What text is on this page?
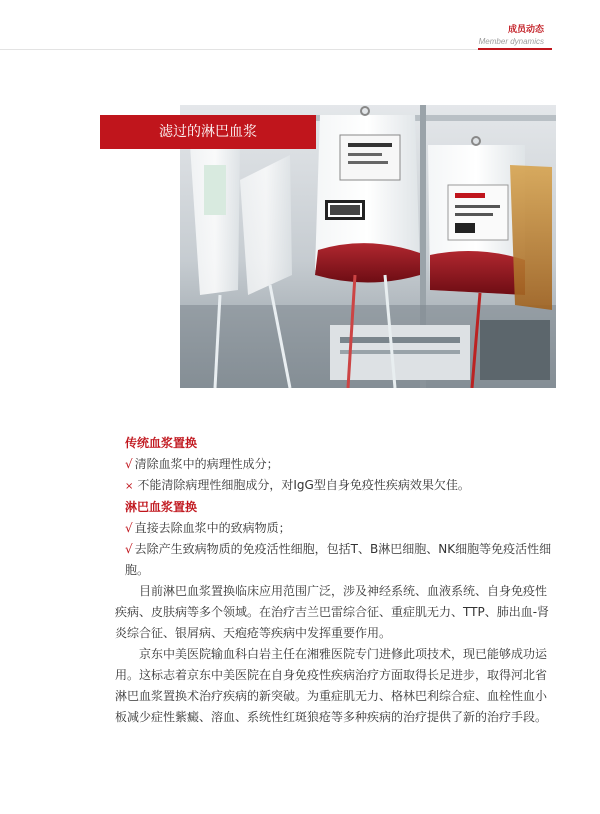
成员动态
Member dynamics
滤过的淋巴血浆

传统血浆置换

√ 清除血浆中的病理性成分；

× 不能清除病理性细胞成分，对IgG型自身免疫性疾病效果欠佳。

淋巴血浆置换

√ 直接去除血浆中的致病物质；

√ 去除产生致病物质的免疫活性细胞，包括T、B淋巴细胞、NK细胞等免疫活性细胞。

目前淋巴血浆置换临床应用范围广泛，涉及神经系统、血液系统、自身免疫性疾病、皮肤病等多个领域。在治疗吉兰巴雷综合征、重症肌无力、TTP、肺出血-肾炎综合征、银屑病、天疱疮等疾病中发挥重要作用。

京东中美医院输血科白岩主任在湘雅医院专门进修此项技术，现已能够成功运用。这标志着京东中美医院在自身免疫性疾病治疗方面取得长足进步，取得河北省淋巴血浆置换术治疗疾病的新突破。为重症肌无力、格林巴利综合症、血栓性血小板减少症性紫癜、溶血、系统性红斑狼疮等多种疾病的治疗提供了新的治疗手段。
